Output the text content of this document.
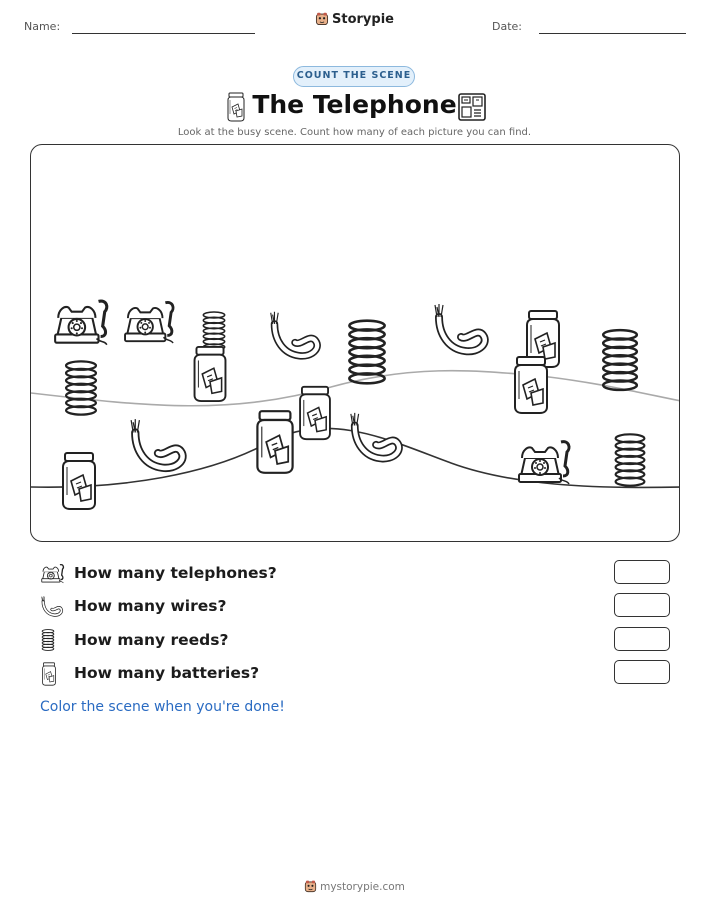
Name:	Storypie	Date:
COUNT THE SCENE
The Telephone
Look at the busy scene. Count how many of each picture you can find.
How many telephones?
How many wires?
How many reeds?
How many batteries?
Color the scene when you're done!
mystorypie.com
